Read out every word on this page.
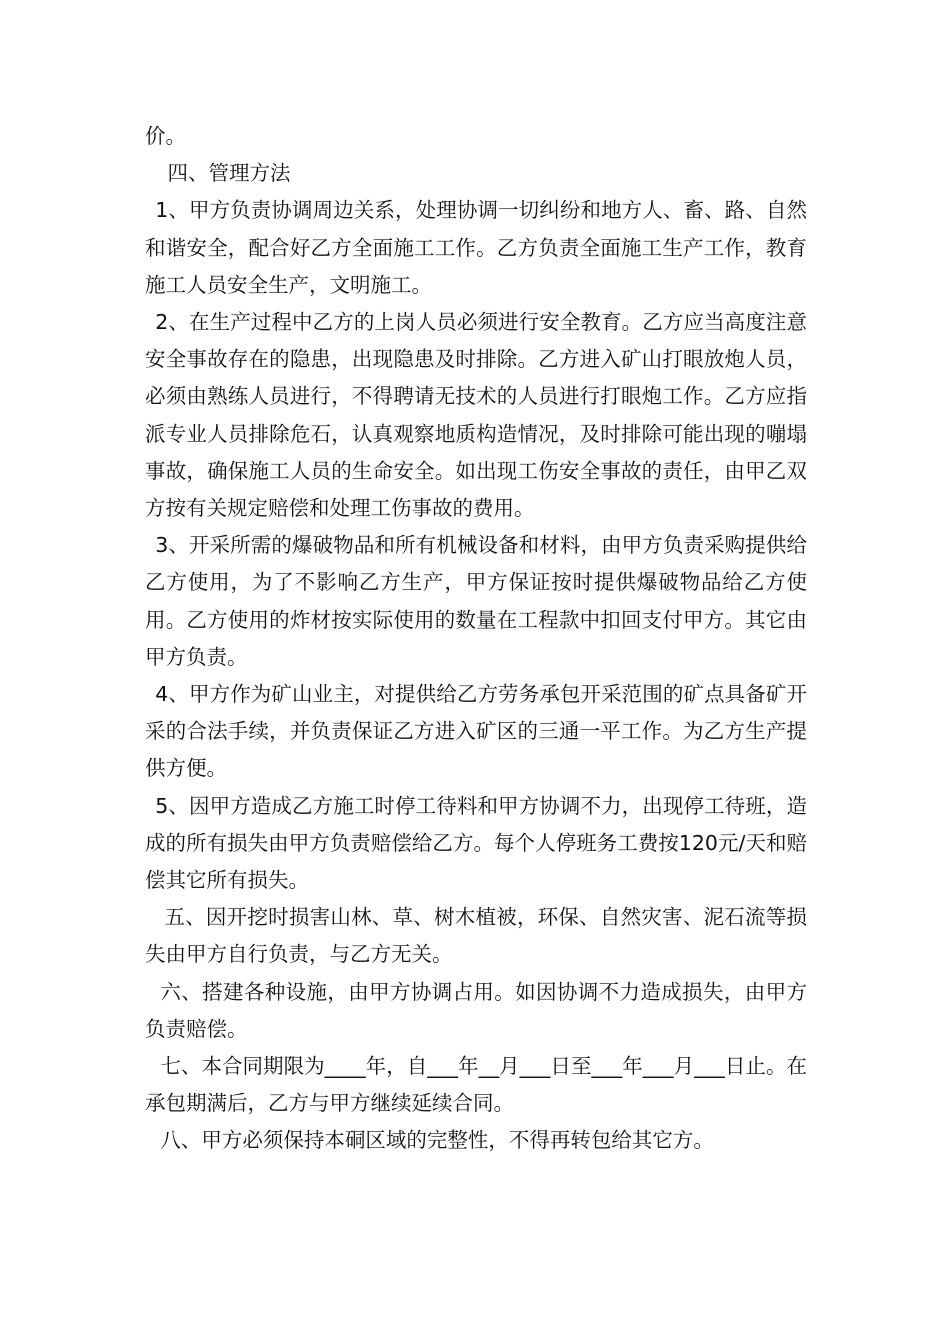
价。

四、管理方法

1、甲方负责协调周边关系，处理协调一切纠纷和地方人、畜、路、自然和谐安全，配合好乙方全面施工工作。乙方负责全面施工生产工作，教育施工人员安全生产，文明施工。

2、在生产过程中乙方的上岗人员必须进行安全教育。乙方应当高度注意安全事故存在的隐患，出现隐患及时排除。乙方进入矿山打眼放炮人员，必须由熟练人员进行，不得聘请无技术的人员进行打眼炮工作。乙方应指派专业人员排除危石，认真观察地质构造情况，及时排除可能出现的嘣塌事故，确保施工人员的生命安全。如出现工伤安全事故的责任，由甲乙双方按有关规定赔偿和处理工伤事故的费用。

3、开采所需的爆破物品和所有机械设备和材料，由甲方负责采购提供给乙方使用，为了不影响乙方生产，甲方保证按时提供爆破物品给乙方使用。乙方使用的炸材按实际使用的数量在工程款中扣回支付甲方。其它由甲方负责。

4、甲方作为矿山业主，对提供给乙方劳务承包开采范围的矿点具备矿开采的合法手续，并负责保证乙方进入矿区的三通一平工作。为乙方生产提供方便。

5、因甲方造成乙方施工时停工待料和甲方协调不力，出现停工待班，造成的所有损失由甲方负责赔偿给乙方。每个人停班务工费按120元/天和赔偿其它所有损失。

五、因开挖时损害山林、草、树木植被，环保、自然灾害、泥石流等损失由甲方自行负责，与乙方无关。

六、搭建各种设施，由甲方协调占用。如因协调不力造成损失，由甲方负责赔偿。

七、本合同期限为____年，自___年__月___日至___年___月___日止。在承包期满后，乙方与甲方继续延续合同。

八、甲方必须保持本硐区域的完整性，不得再转包给其它方。
